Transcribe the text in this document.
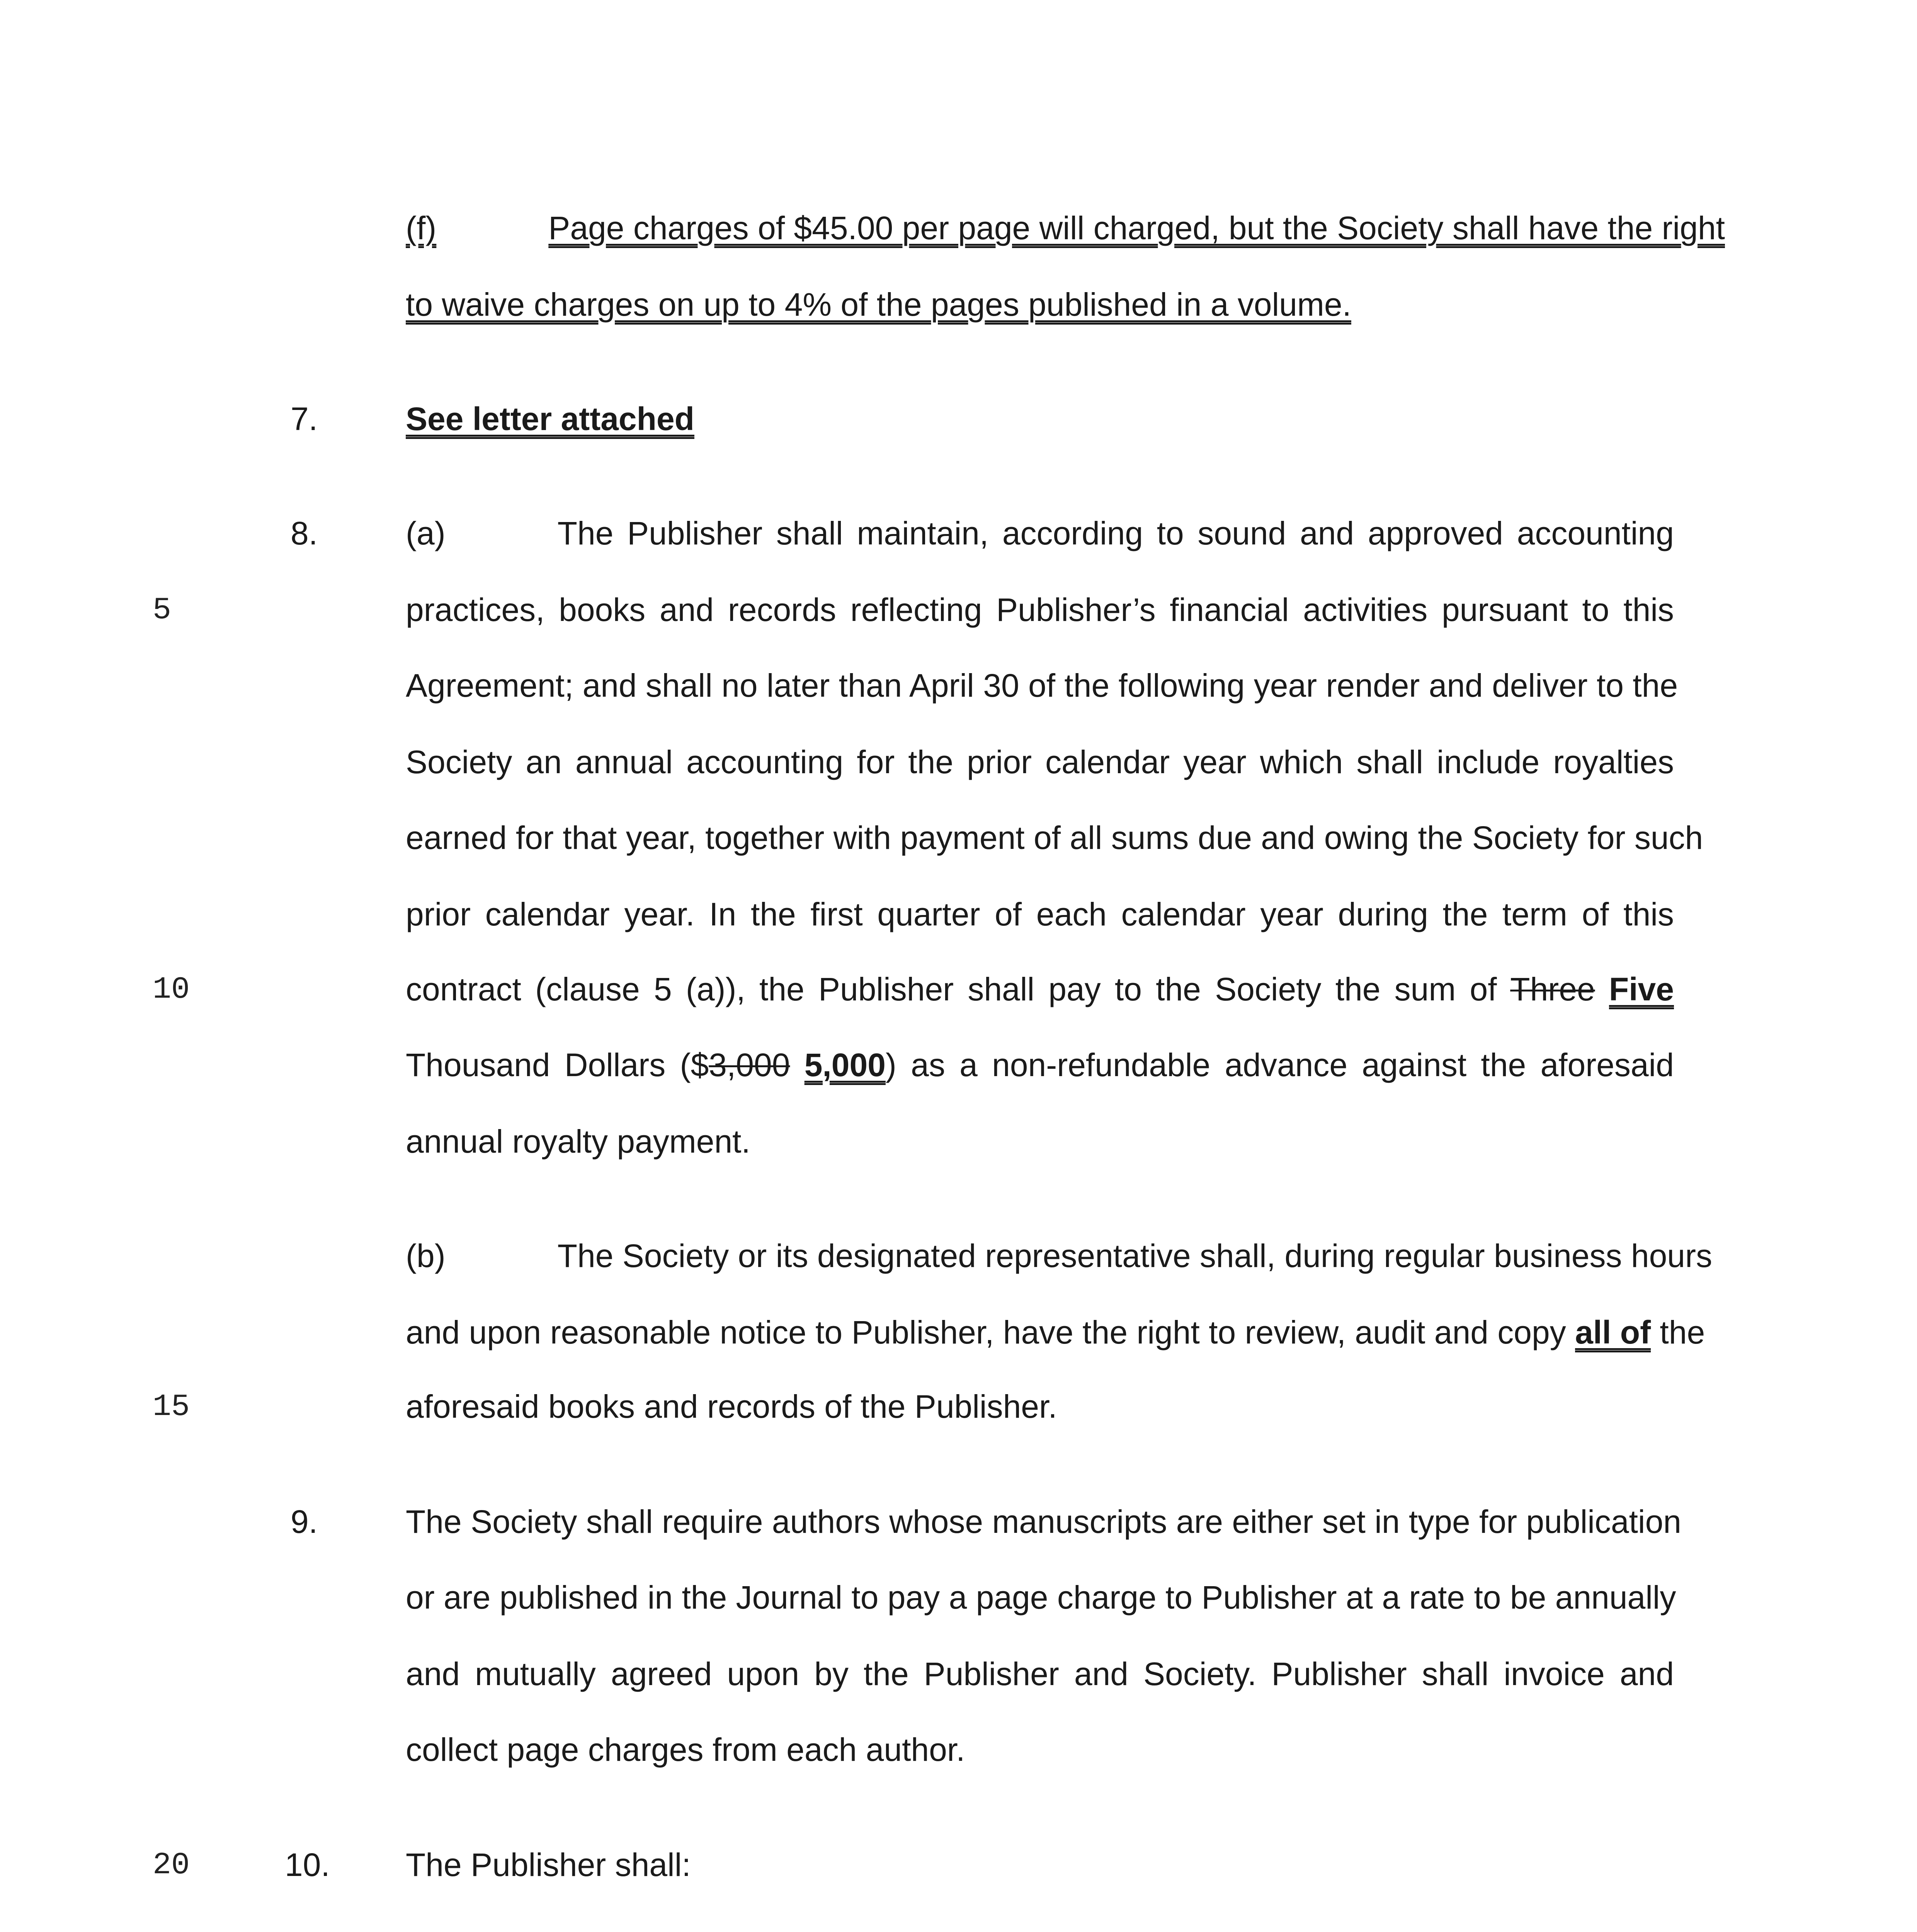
(f)	Page charges of $45.00 per page will charged, but the Society shall have the right
to waive charges on up to 4% of the pages published in a volume.
7.	See letter attached
8.	(a)	The Publisher shall maintain, according to sound and approved accounting
5	practices, books and records reflecting Publisher’s financial activities pursuant to this
Agreement; and shall no later than April 30 of the following year render and deliver to the
Society an annual accounting for the prior calendar year which shall include royalties
earned for that year, together with payment of all sums due and owing the Society for such
prior calendar year. In the first quarter of each calendar year during the term of this
10	contract (clause 5 (a)), the Publisher shall pay to the Society the sum of Three Five
Thousand Dollars ($3,000 5,000) as a non-refundable advance against the aforesaid
annual royalty payment.
(b)	The Society or its designated representative shall, during regular business hours
and upon reasonable notice to Publisher, have the right to review, audit and copy all of the
15	aforesaid books and records of the Publisher.
9.	The Society shall require authors whose manuscripts are either set in type for publication
or are published in the Journal to pay a page charge to Publisher at a rate to be annually
and mutually agreed upon by the Publisher and Society. Publisher shall invoice and
collect page charges from each author.
20	10. The Publisher shall:
